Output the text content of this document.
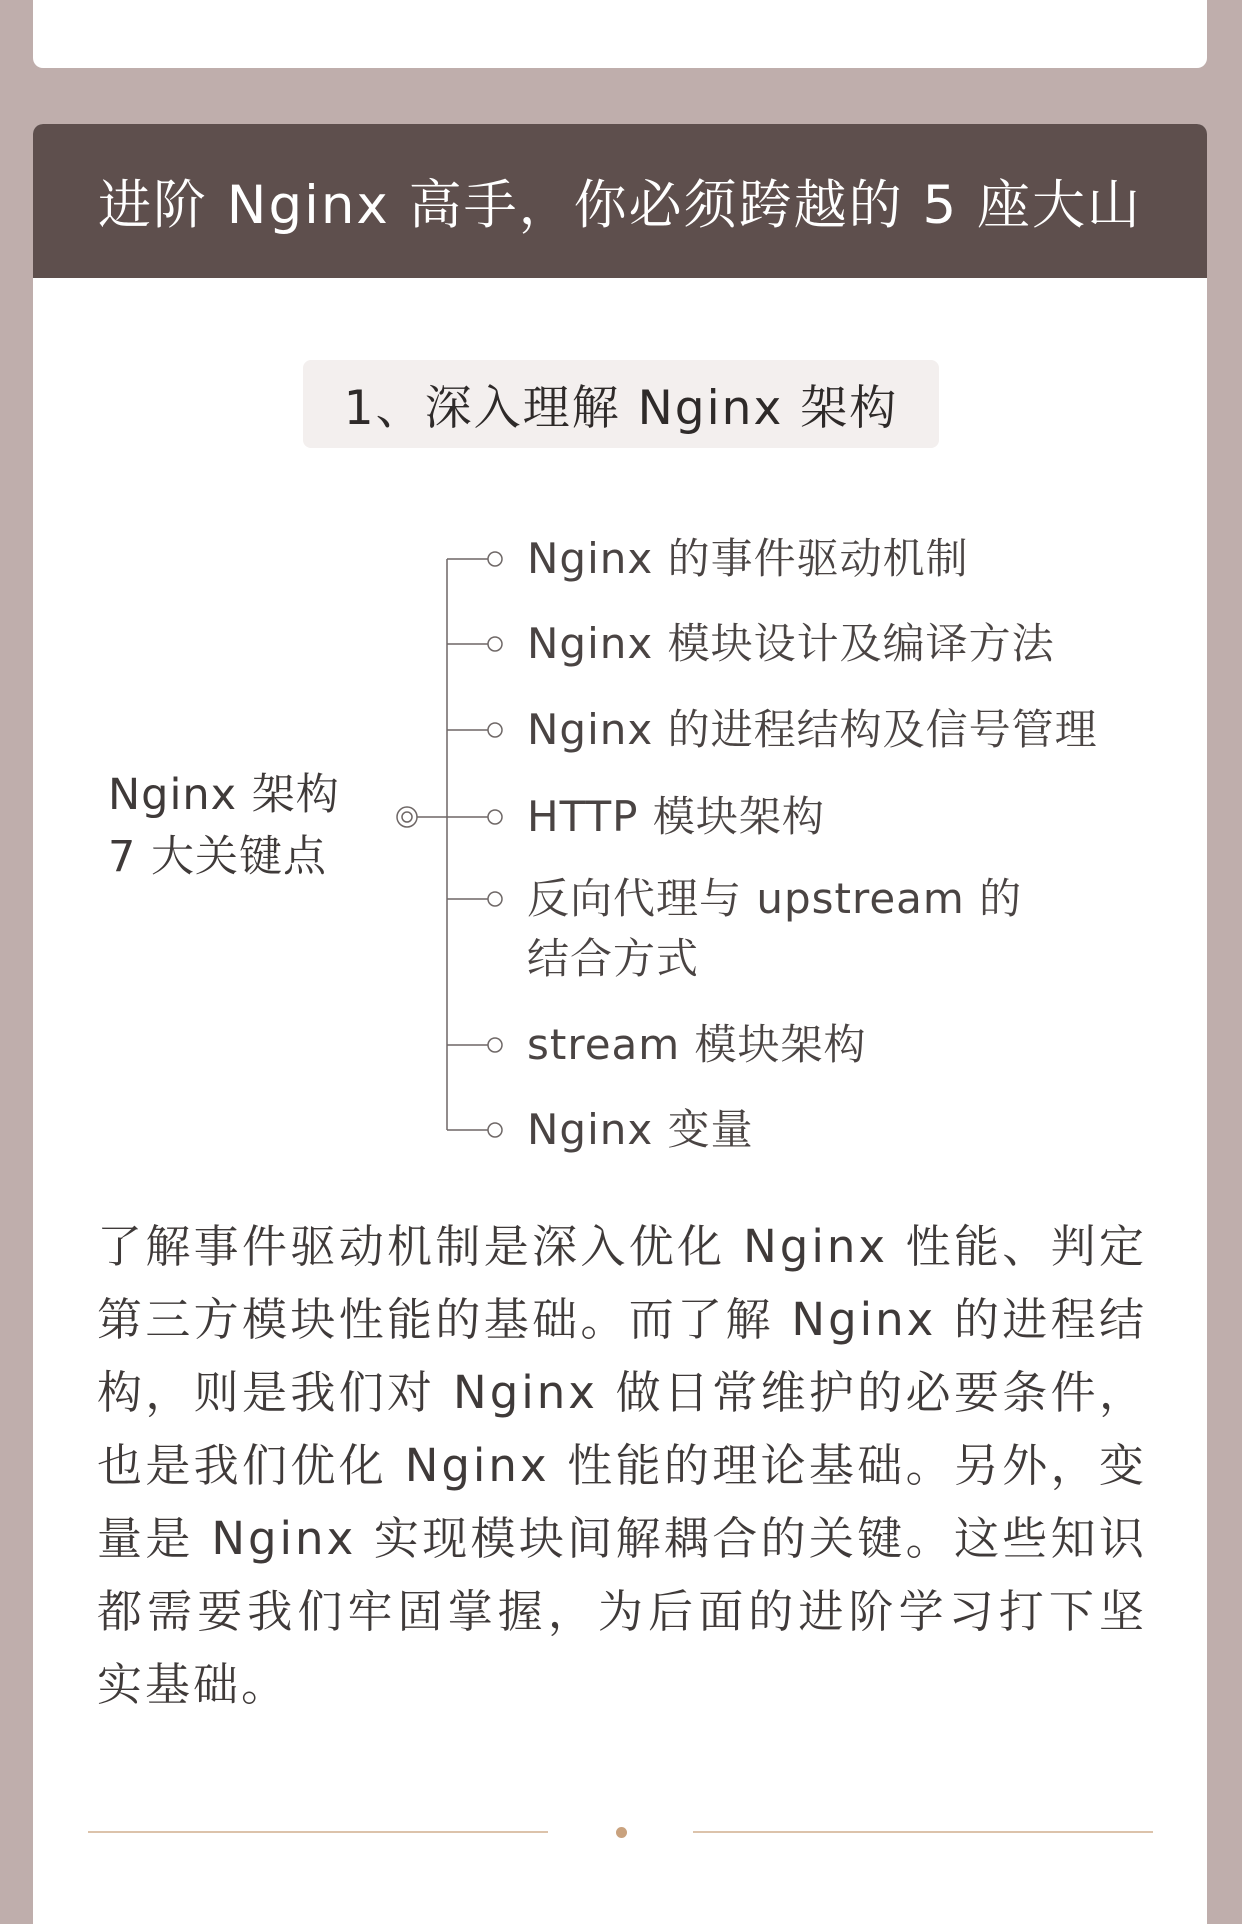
进阶 Nginx 高手，你必须跨越的 5 座大山
1、深入理解 Nginx 架构
Nginx 架构
7 大关键点
Nginx 的事件驱动机制
Nginx 模块设计及编译方法
Nginx 的进程结构及信号管理
HTTP 模块架构
反向代理与 upstream 的
结合方式
stream 模块架构
Nginx 变量
了解事件驱动机制是深入优化 Nginx 性能、判定第三方模块性能的基础。而了解 Nginx 的进程结构，则是我们对 Nginx 做日常维护的必要条件，也是我们优化 Nginx 性能的理论基础。另外，变量是 Nginx 实现模块间解耦合的关键。这些知识都需要我们牢固掌握，为后面的进阶学习打下坚实基础。
